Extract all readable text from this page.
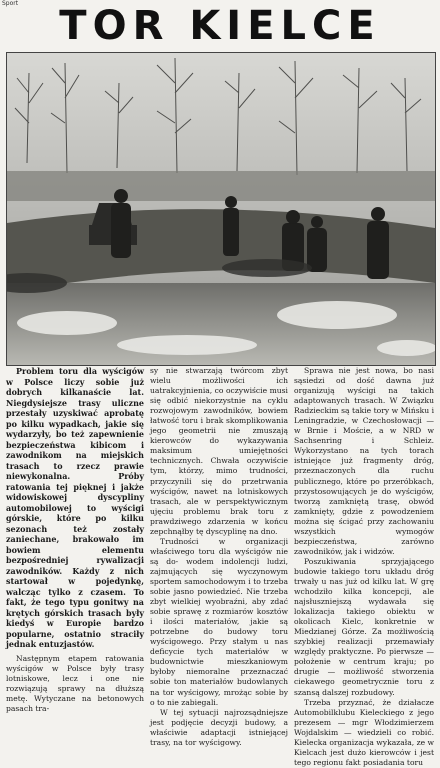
Sport	TOR KIELCE

Problem toru dla wyścigów w Polsce liczy sobie już dobrych kilkanaście lat. Niegdysiejsze trasy uliczne przestały uzyskiwać aprobatę po kilku wypadkach, jakie się wydarzyły, bo też zapewnienie bezpieczeństwa kibicom i zawodnikom na miejskich trasach to rzecz prawie niewykonalna. Próby ratowania tej pięknej i jakże widowiskowej dyscypliny automobilowej to wyścigi górskie, które po kilku sezonach też zostały zaniechane, brakowało im bowiem elementu bezpośredniej rywalizacji zawodników. Każdy z nich startował w pojedynkę, walcząc tylko z czasem. To fakt, że tego typu gonitwy na krętych górskich trasach były kiedyś w Europie bardzo popularne, ostatnio straciły jednak entuzjastów.

Następnym etapem ratowania wyścigów w Polsce były trasy lotniskowe, lecz i one nie rozwiązują sprawy na dłuższą metę. Wytyczane na betonowych pasach tra-

sy nie stwarzają twórcom zbyt wielu możliwości ich uatrakcyjnienia, co oczywiście musi się odbić niekorzystnie na cyklu rozwojowym zawodników, bowiem łatwość toru i brak skomplikowania jego geometrii nie zmuszają kierowców do wykazywania maksimum umiejętności technicznych. Chwała oczywiście tym, którzy, mimo trudności, przyczynili się do przetrwania wyścigów, nawet na lotniskowych trasach, ale w perspektywicznym ujęciu problemu brak toru z prawdziwego zdarzenia w końcu zepchnąłby tę dyscyplinę na dno.

Trudności w organizacji właściwego toru dla wyścigów nie są do- wodem indolencji ludzi, zajmujących się wyczynowym sportem samochodowym i to trzeba sobie jasno powiedzieć. Nie trzeba zbyt wielkiej wyobraźni, aby zdać sobie sprawę z rozmiarów kosztów i ilości materiałów, jakie są potrzebne do budowy toru wyścigowego. Przy stałym u nas deficycie tych materiałów w budownictwie mieszkaniowym byłoby niemoralne przeznaczać sobie ton materiałów budowlanych na tor wyścigowy, mrożąc sobie by o to nie zabiegali.

W tej sytuacji najrozsądniejsze jest podjęcie decyzji budowy, a właściwie adaptacji istniejącej trasy, na tor wyścigowy.

Sprawa nie jest nowa, bo nasi sąsiedzi od dość dawna już organizują wyścigi na takich adaptowanych trasach. W Związku Radzieckim są takie tory w Mińsku i Leningradzie, w Czechosłowacji — w Brnie i Moście, a w NRD w Sachsenring i Schleiz. Wykorzystano na tych torach istniejące już fragmenty dróg, przeznaczonych dla ruchu publicznego, które po przeróbkach, przystosowujących je do wyścigów, tworzą zamkniętą trasę, obwód zamknięty, gdzie z powodzeniem można się ścigać przy zachowaniu wszystkich wymogów bezpieczeństwa, zarówno zawodników, jak i widzów.

Poszukiwania sprzyjającego budowie takiego toru układu dróg trwały u nas już od kilku lat. W grę wchodziło kilka koncepcji, ale najsłuszniejszą wydawała się lokalizacja takiego obiektu w okolicach Kielc, konkretnie w Miedzianej Górze. Za możliwością szybkiej realizacji przemawiały względy praktyczne. Po pierwsze — położenie w centrum kraju; po drugie — możliwość stworzenia ciekawego geometrycznie toru z szansą dalszej rozbudowy.

Trzeba przyznać, że działacze Automobilklubu Kieleckiego z jego prezesem — mgr Włodzimierzem Wojdalskim — wiedzieli co robić. Kielecka organizacja wykazała, ze w Kielcach jest dużo kierowców i jest tego regionu fakt posiadania toru
